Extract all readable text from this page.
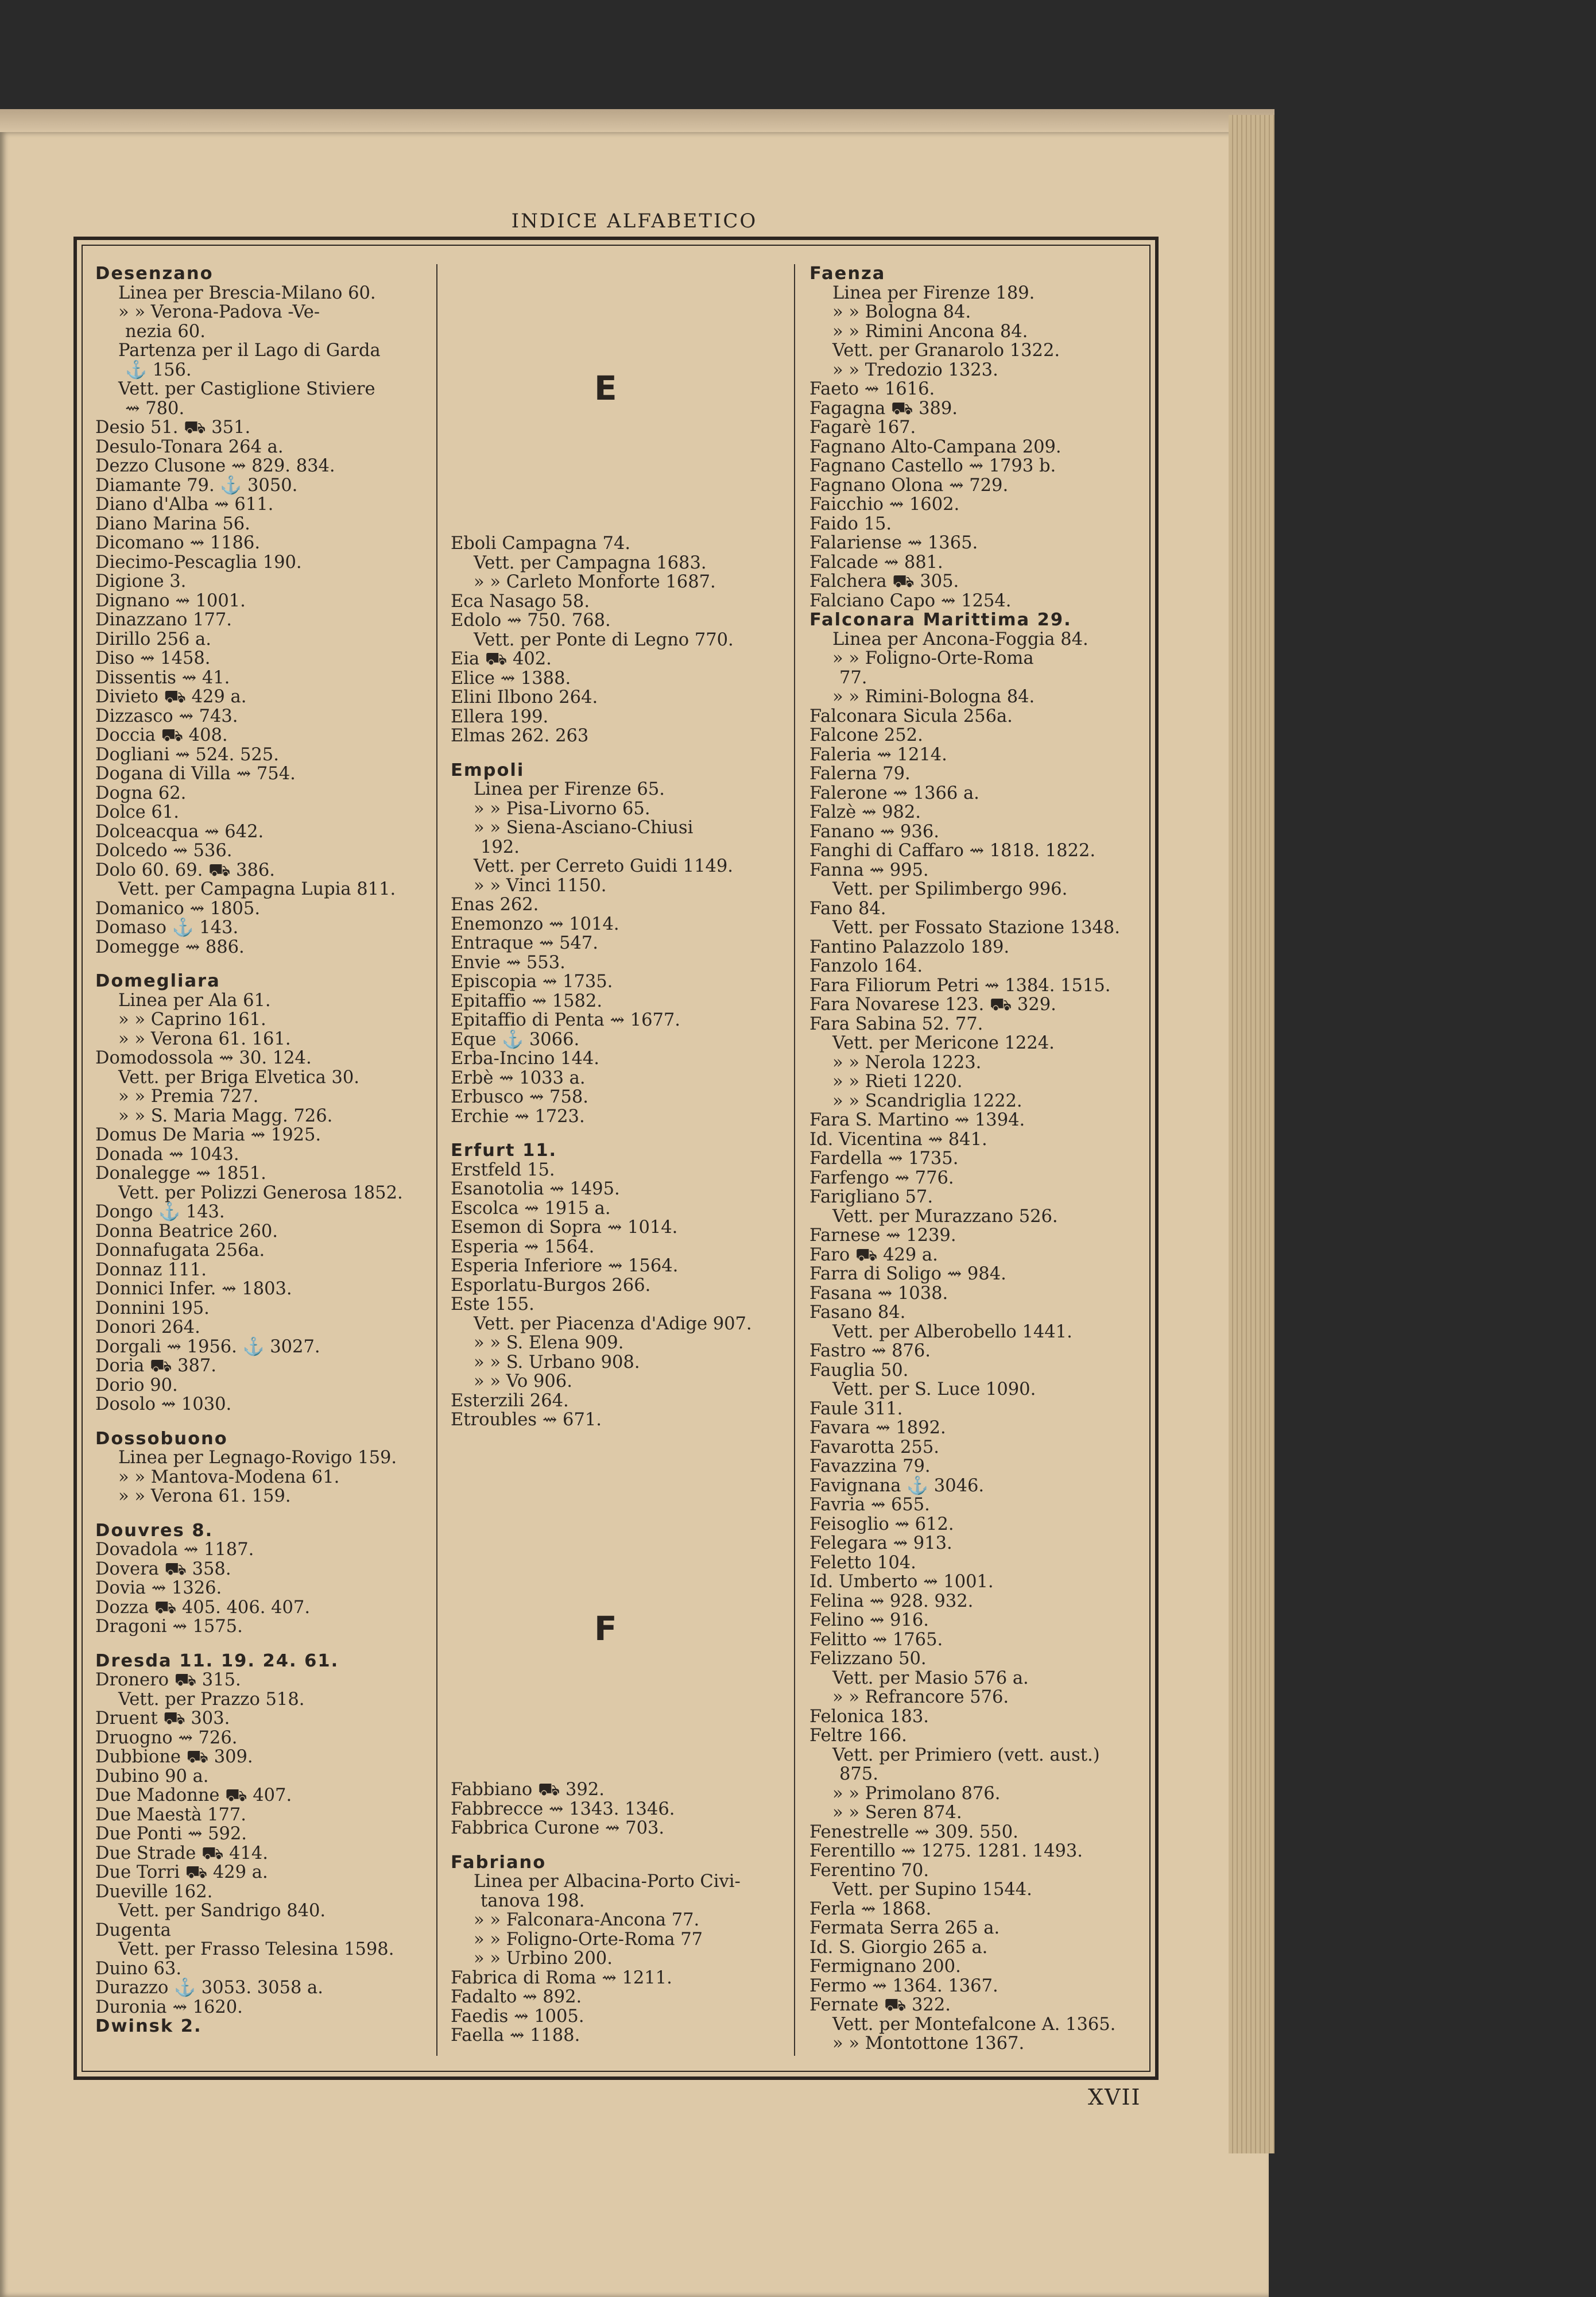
INDICE ALFABETICO
Desenzano
Linea per Brescia-Milano 60.
» » Verona-Padova -Ve-
nezia 60.
Partenza per il Lago di Garda
⚓ 156.
Vett. per Castiglione Stiviere
⇝ 780.
Desio 51. ⛟ 351.
Desulo-Tonara 264 a.
Dezzo Clusone ⇝ 829. 834.
Diamante 79. ⚓ 3050.
Diano d'Alba ⇝ 611.
Diano Marina 56.
Dicomano ⇝ 1186.
Diecimo-Pescaglia 190.
Digione 3.
Dignano ⇝ 1001.
Dinazzano 177.
Dirillo 256 a.
Diso ⇝ 1458.
Dissentis ⇝ 41.
Divieto ⛟ 429 a.
Dizzasco ⇝ 743.
Doccia ⛟ 408.
Dogliani ⇝ 524. 525.
Dogana di Villa ⇝ 754.
Dogna 62.
Dolce 61.
Dolceacqua ⇝ 642.
Dolcedo ⇝ 536.
Dolo 60. 69. ⛟ 386.
Vett. per Campagna Lupia 811.
Domanico ⇝ 1805.
Domaso ⚓ 143.
Domegge ⇝ 886.
Domegliara
Linea per Ala 61.
» » Caprino 161.
» » Verona 61. 161.
Domodossola ⇝ 30. 124.
Vett. per Briga Elvetica 30.
» » Premia 727.
» » S. Maria Magg. 726.
Domus De Maria ⇝ 1925.
Donada ⇝ 1043.
Donalegge ⇝ 1851.
Vett. per Polizzi Generosa 1852.
Dongo ⚓ 143.
Donna Beatrice 260.
Donnafugata 256a.
Donnaz 111.
Donnici Infer. ⇝ 1803.
Donnini 195.
Donori 264.
Dorgali ⇝ 1956. ⚓ 3027.
Doria ⛟ 387.
Dorio 90.
Dosolo ⇝ 1030.
Dossobuono
Linea per Legnago-Rovigo 159.
» » Mantova-Modena 61.
» » Verona 61. 159.
Douvres 8.
Dovadola ⇝ 1187.
Dovera ⛟ 358.
Dovia ⇝ 1326.
Dozza ⛟ 405. 406. 407.
Dragoni ⇝ 1575.
Dresda 11. 19. 24. 61.
Dronero ⛟ 315.
Vett. per Prazzo 518.
Druent ⛟ 303.
Druogno ⇝ 726.
Dubbione ⛟ 309.
Dubino 90 a.
Due Madonne ⛟ 407.
Due Maestà 177.
Due Ponti ⇝ 592.
Due Strade ⛟ 414.
Due Torri ⛟ 429 a.
Dueville 162.
Vett. per Sandrigo 840.
Dugenta
Vett. per Frasso Telesina 1598.
Duino 63.
Durazzo ⚓ 3053. 3058 a.
Duronia ⇝ 1620.
Dwinsk 2.
E
Eboli Campagna 74.
Vett. per Campagna 1683.
» » Carleto Monforte 1687.
Eca Nasago 58.
Edolo ⇝ 750. 768.
Vett. per Ponte di Legno 770.
Eia ⛟ 402.
Elice ⇝ 1388.
Elini Ilbono 264.
Ellera 199.
Elmas 262. 263
Empoli
Linea per Firenze 65.
» » Pisa-Livorno 65.
» » Siena-Asciano-Chiusi
192.
Vett. per Cerreto Guidi 1149.
» » Vinci 1150.
Enas 262.
Enemonzo ⇝ 1014.
Entraque ⇝ 547.
Envie ⇝ 553.
Episcopia ⇝ 1735.
Epitaffio ⇝ 1582.
Epitaffio di Penta ⇝ 1677.
Eque ⚓ 3066.
Erba-Incino 144.
Erbè ⇝ 1033 a.
Erbusco ⇝ 758.
Erchie ⇝ 1723.
Erfurt 11.
Erstfeld 15.
Esanotolia ⇝ 1495.
Escolca ⇝ 1915 a.
Esemon di Sopra ⇝ 1014.
Esperia ⇝ 1564.
Esperia Inferiore ⇝ 1564.
Esporlatu-Burgos 266.
Este 155.
Vett. per Piacenza d'Adige 907.
» » S. Elena 909.
» » S. Urbano 908.
» » Vo 906.
Esterzili 264.
Etroubles ⇝ 671.
F
Fabbiano ⛟ 392.
Fabbrecce ⇝ 1343. 1346.
Fabbrica Curone ⇝ 703.
Fabriano
Linea per Albacina-Porto Civi-
tanova 198.
» » Falconara-Ancona 77.
» » Foligno-Orte-Roma 77
» » Urbino 200.
Fabrica di Roma ⇝ 1211.
Fadalto ⇝ 892.
Faedis ⇝ 1005.
Faella ⇝ 1188.
Faenza
Linea per Firenze 189.
» » Bologna 84.
» » Rimini Ancona 84.
Vett. per Granarolo 1322.
» » Tredozio 1323.
Faeto ⇝ 1616.
Fagagna ⛟ 389.
Fagarè 167.
Fagnano Alto-Campana 209.
Fagnano Castello ⇝ 1793 b.
Fagnano Olona ⇝ 729.
Faicchio ⇝ 1602.
Faido 15.
Falariense ⇝ 1365.
Falcade ⇝ 881.
Falchera ⛟ 305.
Falciano Capo ⇝ 1254.
Falconara Marittima 29.
Linea per Ancona-Foggia 84.
» » Foligno-Orte-Roma
77.
» » Rimini-Bologna 84.
Falconara Sicula 256a.
Falcone 252.
Faleria ⇝ 1214.
Falerna 79.
Falerone ⇝ 1366 a.
Falzè ⇝ 982.
Fanano ⇝ 936.
Fanghi di Caffaro ⇝ 1818. 1822.
Fanna ⇝ 995.
Vett. per Spilimbergo 996.
Fano 84.
Vett. per Fossato Stazione 1348.
Fantino Palazzolo 189.
Fanzolo 164.
Fara Filiorum Petri ⇝ 1384. 1515.
Fara Novarese 123. ⛟ 329.
Fara Sabina 52. 77.
Vett. per Mericone 1224.
» » Nerola 1223.
» » Rieti 1220.
» » Scandriglia 1222.
Fara S. Martino ⇝ 1394.
Id. Vicentina ⇝ 841.
Fardella ⇝ 1735.
Farfengo ⇝ 776.
Farigliano 57.
Vett. per Murazzano 526.
Farnese ⇝ 1239.
Faro ⛟ 429 a.
Farra di Soligo ⇝ 984.
Fasana ⇝ 1038.
Fasano 84.
Vett. per Alberobello 1441.
Fastro ⇝ 876.
Fauglia 50.
Vett. per S. Luce 1090.
Faule 311.
Favara ⇝ 1892.
Favarotta 255.
Favazzina 79.
Favignana ⚓ 3046.
Favria ⇝ 655.
Feisoglio ⇝ 612.
Felegara ⇝ 913.
Feletto 104.
Id. Umberto ⇝ 1001.
Felina ⇝ 928. 932.
Felino ⇝ 916.
Felitto ⇝ 1765.
Felizzano 50.
Vett. per Masio 576 a.
» » Refrancore 576.
Felonica 183.
Feltre 166.
Vett. per Primiero (vett. aust.)
875.
» » Primolano 876.
» » Seren 874.
Fenestrelle ⇝ 309. 550.
Ferentillo ⇝ 1275. 1281. 1493.
Ferentino 70.
Vett. per Supino 1544.
Ferla ⇝ 1868.
Fermata Serra 265 a.
Id. S. Giorgio 265 a.
Fermignano 200.
Fermo ⇝ 1364. 1367.
Fernate ⛟ 322.
Vett. per Montefalcone A. 1365.
» » Montottone 1367.
XVII
